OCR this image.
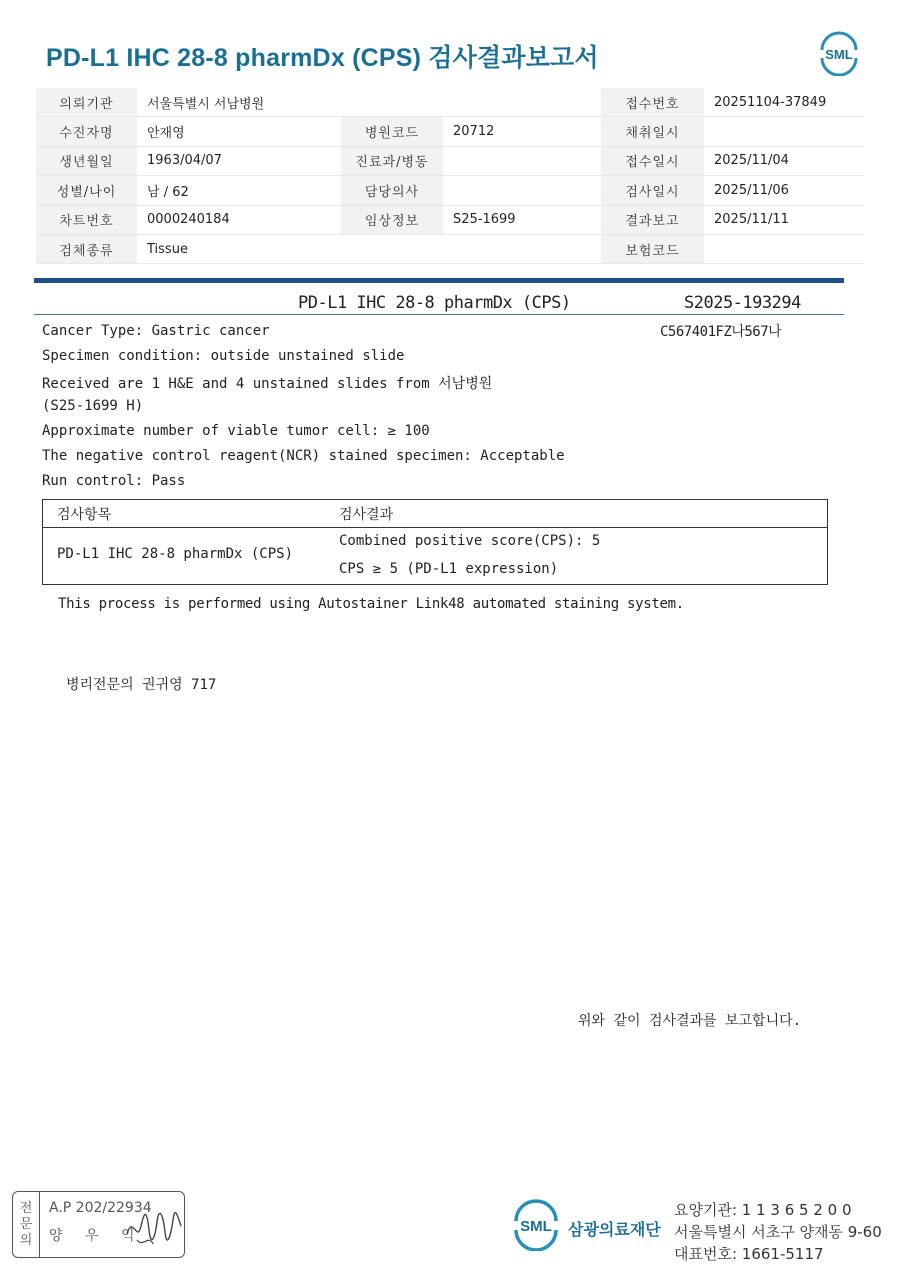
PD-L1 IHC 28-8 pharmDx (CPS) 검사결과보고서	SML
의뢰기관	서울특별시 서남병원			접수번호	20251104-37849
수진자명	안재영	병원코드	20712	채취일시	
생년월일	1963/04/07	진료과/병동		접수일시	2025/11/04
성별/나이	남 / 62	담당의사		검사일시	2025/11/06
차트번호	0000240184	임상정보	S25-1699	결과보고	2025/11/11
검체종류	Tissue			보험코드	
PD-L1 IHC 28-8 pharmDx (CPS)	S2025-193294
C567401FZ나567나
Cancer Type: Gastric cancer
Specimen condition: outside unstained slide
Received are 1 H&E and 4 unstained slides from 서남병원
(S25-1699 H)
Approximate number of viable tumor cell: ≥ 100
The negative control reagent(NCR) stained specimen: Acceptable
Run control: Pass
검사항목	검사결과
PD-L1 IHC 28-8 pharmDx (CPS)
Combined positive score(CPS): 5
CPS ≥ 5 (PD-L1 expression)
This process is performed using Autostainer Link48 automated staining system.
병리전문의 권귀영 717
위와 같이 검사결과를 보고합니다.
전
문
의
A.P 202/22934
양 우 익
SML 삼광의료재단
요양기관: 1 1 3 6 5 2 0 0
서울특별시 서초구 양재동 9-60
대표번호: 1661-5117
